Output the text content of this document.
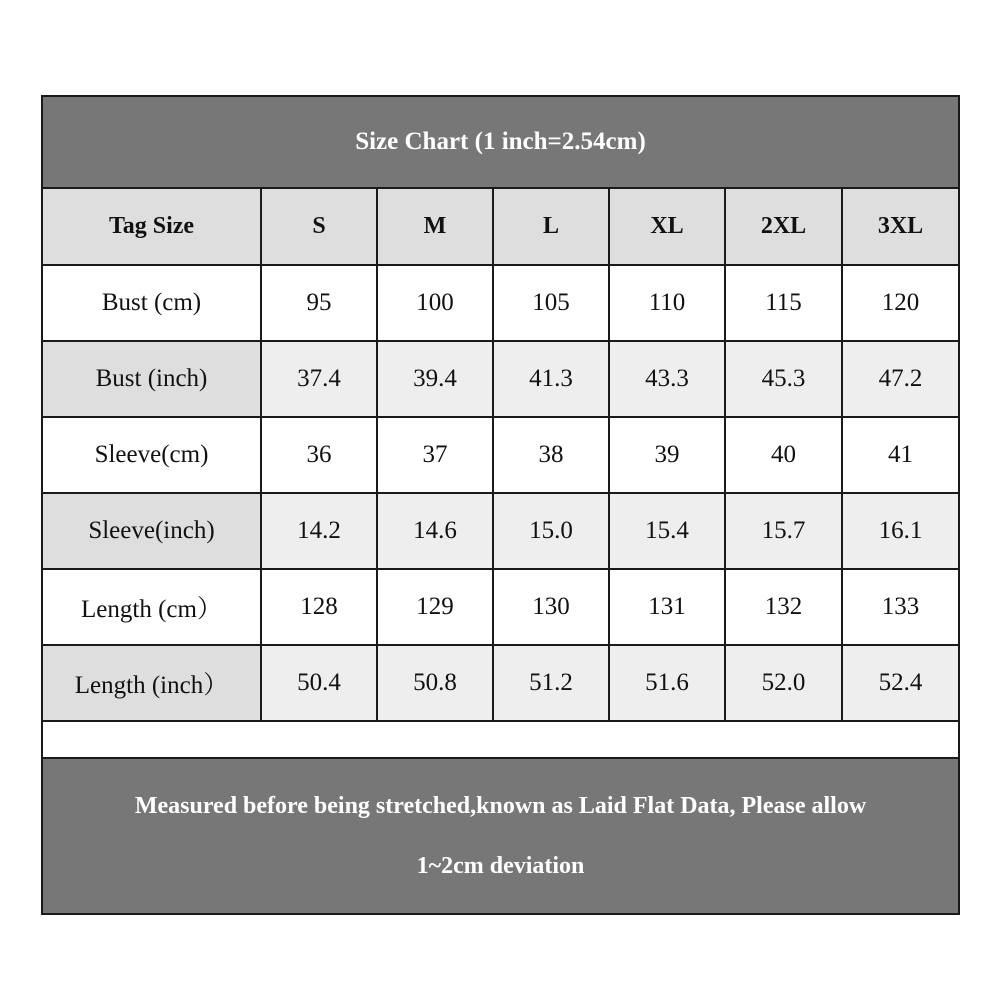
Size Chart (1 inch=2.54cm)
Tag Size	S	M	L	XL	2XL	3XL
Bust (cm)	95	100	105	110	115	120
Bust (inch)	37.4	39.4	41.3	43.3	45.3	47.2
Sleeve(cm)	36	37	38	39	40	41
Sleeve(inch)	14.2	14.6	15.0	15.4	15.7	16.1
Length (cm）	128	129	130	131	132	133
Length (inch）	50.4	50.8	51.2	51.6	52.0	52.4
Measured before being stretched,known as Laid Flat Data, Please allow
1~2cm deviation
